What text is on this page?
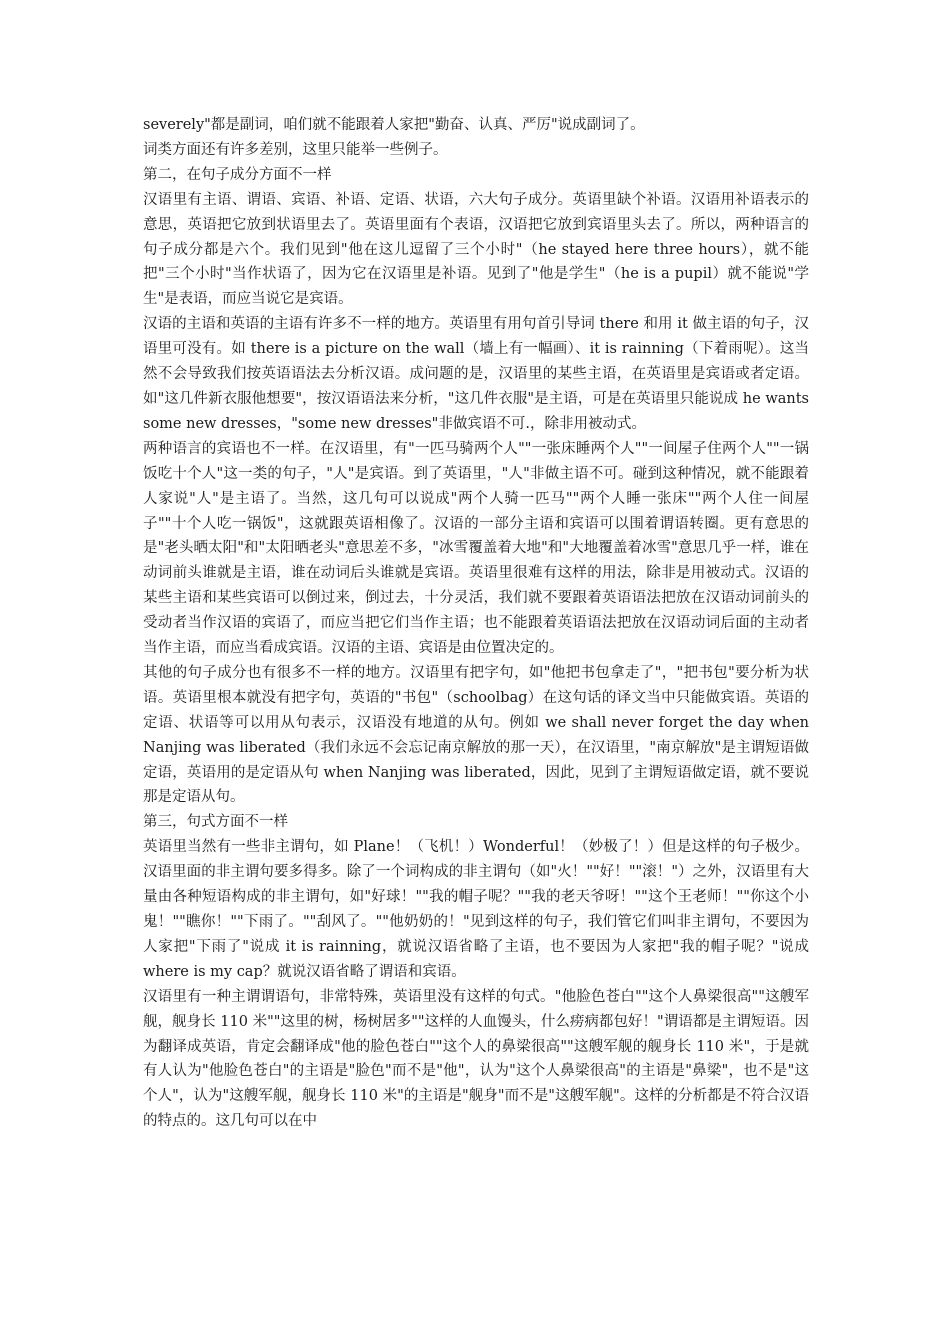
severely"都是副词，咱们就不能跟着人家把"勤奋、认真、严厉"说成副词了。

词类方面还有许多差别，这里只能举一些例子。

第二，在句子成分方面不一样

汉语里有主语、谓语、宾语、补语、定语、状语，六大句子成分。英语里缺个补语。汉语用补语表示的意思，英语把它放到状语里去了。英语里面有个表语，汉语把它放到宾语里头去了。所以，两种语言的句子成分都是六个。我们见到"他在这儿逗留了三个小时"（he stayed here three hours），就不能把"三个小时"当作状语了，因为它在汉语里是补语。见到了"他是学生"（he is a pupil）就不能说"学生"是表语，而应当说它是宾语。

汉语的主语和英语的主语有许多不一样的地方。英语里有用句首引导词 there 和用 it 做主语的句子，汉语里可没有。如 there is a picture on the wall（墙上有一幅画）、it is rainning（下着雨呢）。这当然不会导致我们按英语语法去分析汉语。成问题的是，汉语里的某些主语，在英语里是宾语或者定语。如"这几件新衣服他想要"，按汉语语法来分析，"这几件衣服"是主语，可是在英语里只能说成 he wants some new dresses，"some new dresses"非做宾语不可.，除非用被动式。

两种语言的宾语也不一样。在汉语里，有"一匹马骑两个人""一张床睡两个人""一间屋子住两个人""一锅饭吃十个人"这一类的句子，"人"是宾语。到了英语里，"人"非做主语不可。碰到这种情况，就不能跟着人家说"人"是主语了。当然，这几句可以说成"两个人骑一匹马""两个人睡一张床""两个人住一间屋子""十个人吃一锅饭"，这就跟英语相像了。汉语的一部分主语和宾语可以围着谓语转圈。更有意思的是"老头晒太阳"和"太阳晒老头"意思差不多，"冰雪覆盖着大地"和"大地覆盖着冰雪"意思几乎一样，谁在动词前头谁就是主语，谁在动词后头谁就是宾语。英语里很难有这样的用法，除非是用被动式。汉语的某些主语和某些宾语可以倒过来，倒过去，十分灵活，我们就不要跟着英语语法把放在汉语动词前头的受动者当作汉语的宾语了，而应当把它们当作主语；也不能跟着英语语法把放在汉语动词后面的主动者当作主语，而应当看成宾语。汉语的主语、宾语是由位置决定的。

其他的句子成分也有很多不一样的地方。汉语里有把字句，如"他把书包拿走了"，"把书包"要分析为状语。英语里根本就没有把字句，英语的"书包"（schoolbag）在这句话的译文当中只能做宾语。英语的定语、状语等可以用从句表示，汉语没有地道的从句。例如 we shall never forget the day when Nanjing was liberated（我们永远不会忘记南京解放的那一天），在汉语里，"南京解放"是主谓短语做定语，英语用的是定语从句 when Nanjing was liberated，因此，见到了主谓短语做定语，就不要说那是定语从句。

第三，句式方面不一样

英语里当然有一些非主谓句，如 Plane！（飞机！）Wonderful！（妙极了！）但是这样的句子极少。汉语里面的非主谓句要多得多。除了一个词构成的非主谓句（如"火！""好！""滚！"）之外，汉语里有大量由各种短语构成的非主谓句，如"好球！""我的帽子呢？""我的老天爷呀！""这个王老师！""你这个小鬼！""瞧你！""下雨了。""刮风了。""他奶奶的！"见到这样的句子，我们管它们叫非主谓句，不要因为人家把"下雨了"说成 it is rainning，就说汉语省略了主语，也不要因为人家把"我的帽子呢？"说成 where is my cap？就说汉语省略了谓语和宾语。

汉语里有一种主谓谓语句，非常特殊，英语里没有这样的句式。"他脸色苍白""这个人鼻梁很高""这艘军舰，舰身长 110 米""这里的树，杨树居多""这样的人血馒头，什么痨病都包好！"谓语都是主谓短语。因为翻译成英语，肯定会翻译成"他的脸色苍白""这个人的鼻梁很高""这艘军舰的舰身长 110 米"，于是就有人认为"他脸色苍白"的主语是"脸色"而不是"他"，认为"这个人鼻梁很高"的主语是"鼻梁"，也不是"这个人"，认为"这艘军舰，舰身长 110 米"的主语是"舰身"而不是"这艘军舰"。这样的分析都是不符合汉语的特点的。这几句可以在中
